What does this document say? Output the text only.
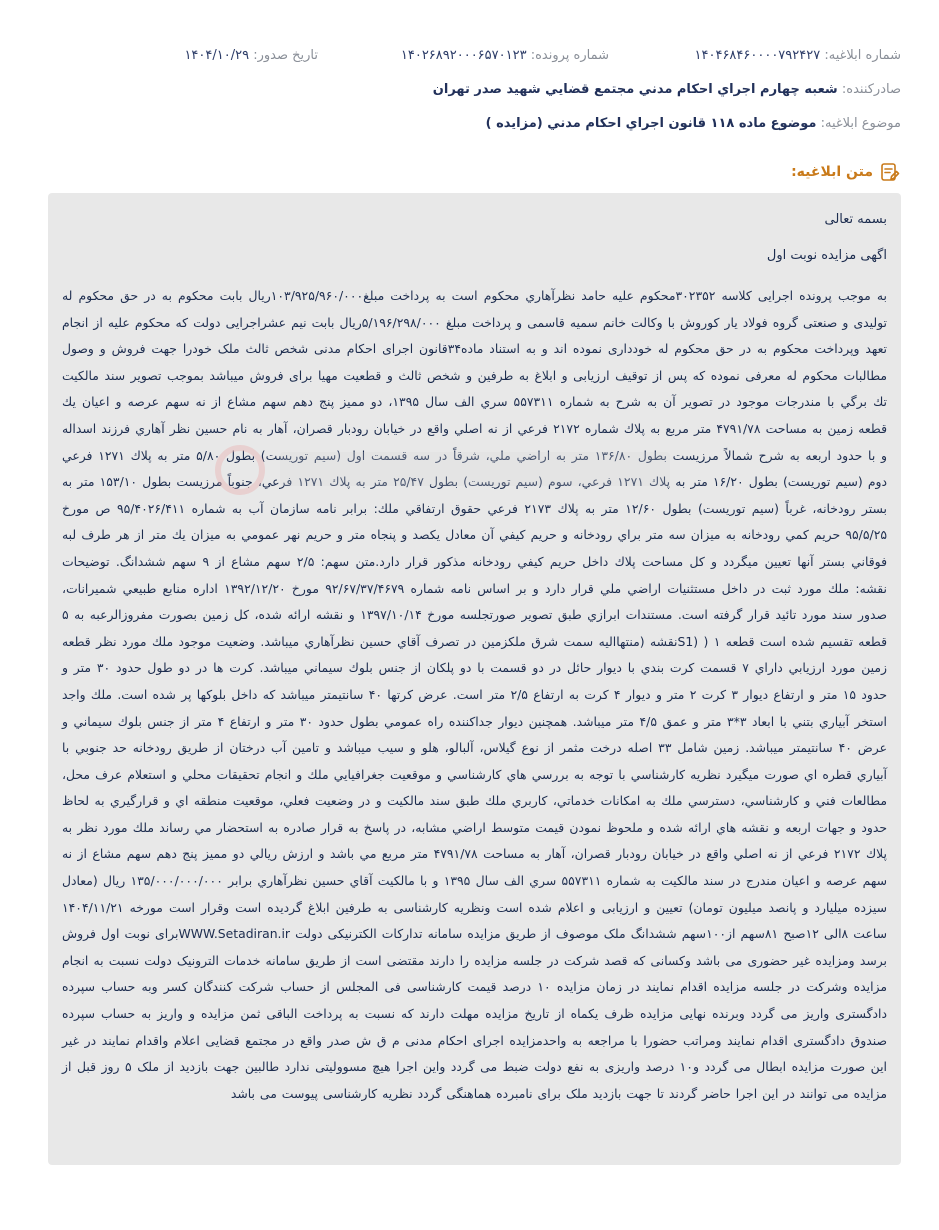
شماره ابلاغیه: ۱۴۰۴۶۸۴۶۰۰۰۰۷۹۲۴۲۷
شماره پرونده: ۱۴۰۲۶۸۹۲۰۰۰۶۵۷۰۱۲۳
تاریخ صدور: ۱۴۰۴/۱۰/۲۹
صادرکننده: شعبه چهارم اجراي احكام مدني مجتمع قضايي شهيد صدر تهران
موضوع ابلاغیه: موضوع ماده ۱۱۸ قانون اجراي احكام مدني (مزايده )
متن ابلاغیه:
بسمه تعالی
اگهی مزایده نوبت اول
به موجب پرونده اجرایی کلاسه ۳۰۲۳۵۲محکوم علیه حامد نظرآهاري محكوم است به پرداخت مبلغ۱۰۳/۹۲۵/۹۶۰/۰۰۰ریال بابت محکوم به در حق محکوم له تولیدی و صنعتی گروه فولاد یار کوروش با وکالت خانم سمیه قاسمی و پرداخت مبلغ ۵/۱۹۶/۲۹۸/۰۰۰ریال بابت نیم عشراجرایی دولت که محکوم علیه از انجام تعهد وپرداخت محکوم به در حق محکوم له خودداری نموده اند و به استناد ماده۳۴قانون اجرای احکام مدنی شخص ثالث ملک خودرا جهت فروش و وصول مطالبات محکوم له معرفی نموده که پس از توقیف ارزیابی و ابلاغ به طرفین و شخص ثالث و قطعیت مهیا برای فروش میباشد بموجب تصوير سند مالكيت تك برگي با مندرجات موجود در تصوير آن به شرح به شماره ۵۵۷۳۱۱ سري الف سال ۱۳۹۵، دو مميز پنج دهم سهم مشاع از نه سهم عرصه و اعيان يك قطعه زمين به مساحت ۴۷۹۱/۷۸ متر مربع به پلاك شماره ۲۱۷۲ فرعي از نه اصلي واقع در خيابان رودبار قصران، آهار به نام حسين نظر آهاري فرزند اسداله و با حدود اربعه به شرح شمالاً مرزيست بطول ۱۳۶/۸۰ متر به اراضي ملي، شرقاً در سه قسمت اول (سيم توريست) بطول ۵/۸۰ متر به پلاك ۱۲۷۱ فرعي دوم (سيم توريست) بطول ۱۶/۲۰ متر به پلاك ۱۲۷۱ فرعي، سوم (سيم توريست) بطول ۲۵/۴۷ متر به پلاك ۱۲۷۱ فرعي، جنوباً مرزيست بطول ۱۵۳/۱۰ متر به بستر رودخانه، غرباً (سيم توريست) بطول ۱۲/۶۰ متر به پلاك ۲۱۷۳ فرعي حقوق ارتفاقي ملك: برابر نامه سازمان آب به شماره ۹۵/۴۰۲۶/۴۱۱ ص مورخ ۹۵/۵/۲۵ حريم كمي رودخانه به ميزان سه متر براي رودخانه و حريم كيفي آن معادل يكصد و پنجاه متر و حريم نهر عمومي به ميزان يك متر از هر طرف لبه فوقاني بستر آنها تعيين ميگردد و كل مساحت پلاك داخل حريم كيفي رودخانه مذكور قرار دارد.متن سهم: ۲/۵ سهم مشاع از ۹ سهم ششدانگ. توضيحات نقشه: ملك مورد ثبت در داخل مستثنيات اراضي ملي قرار دارد و بر اساس نامه شماره ۹۲/۶۷/۳۷/۴۶۷۹ مورخ ۱۳۹۲/۱۲/۲۰ اداره منابع طبيعي شميرانات، صدور سند مورد تائيد قرار گرفته است. مستندات ابرازي طبق تصوير صورتجلسه مورخ ۱۳۹۷/۱۰/۱۴ و نقشه ارائه شده، كل زمين بصورت مفروزالرعبه به ۵ قطعه تقسيم شده است قطعه ۱ ( (S1نقشه (منتهااليه سمت شرق ملكزمين در تصرف آقاي حسين نظرآهاري ميباشد. وضعيت موجود ملك مورد نظر قطعه زمين مورد ارزيابي داراي ۷ قسمت كرت بندي با ديوار حائل در دو قسمت با دو پلكان از جنس بلوك سيماني ميباشد. كرت ها در دو طول حدود ۳۰ متر و حدود ۱۵ متر و ارتفاع ديوار ۳ كرت ۲ متر و ديوار ۴ كرت به ارتفاع ۲/۵ متر است. عرض كرتها ۴۰ سانتيمتر ميباشد كه داخل بلوكها پر شده است. ملك واجد استخر آبياري بتني با ابعاد ۳*۳ متر و عمق ۴/۵ متر ميباشد. همچنين ديوار جداكننده راه عمومي بطول حدود ۳۰ متر و ارتفاع ۴ متر از جنس بلوك سيماني و عرض ۴۰ سانتيمتر ميباشد. زمين شامل ۳۳ اصله درخت مثمر از نوع گيلاس، آلبالو، هلو و سيب ميباشد و تامين آب درختان از طريق رودخانه حد جنوبي با آبياري قطره اي صورت ميگيرد نظريه كارشناسي با توجه به بررسي هاي كارشناسي و موقعيت جغرافيايي ملك و انجام تحقيقات محلي و استعلام عرف محل، مطالعات فني و كارشناسي، دسترسي ملك به امكانات خدماتي، كاربري ملك طبق سند مالكيت و در وضعيت فعلي، موقعيت منطقه اي و قرارگيري به لحاظ حدود و جهات اربعه و نقشه هاي ارائه شده و ملحوظ نمودن قيمت متوسط اراضي مشابه، در پاسخ به قرار صادره به استحضار مي رساند ملك مورد نظر به پلاك ۲۱۷۲ فرعي از نه اصلي واقع در خيابان رودبار قصران، آهار به مساحت ۴۷۹۱/۷۸ متر مربع مي باشد و ارزش ريالي دو مميز پنج دهم سهم مشاع از نه سهم عرصه و اعيان مندرج در سند مالكيت به شماره ۵۵۷۳۱۱ سري الف سال ۱۳۹۵ و با مالكيت آقاي حسين نظرآهاري برابر ۱۳۵/۰۰۰/۰۰۰/۰۰۰ ريال (معادل سيزده ميليارد و پانصد ميليون تومان) تعيين و ارزیابی و اعلام شده است ونظریه کارشناسی به طرفین ابلاغ گردیده است وقرار است مورخه ۱۴۰۴/۱۱/۲۱ ساعت ۸الی ۱۲صبح ۸۱سهم از۱۰۰سهم ششدانگ ملک موصوف از طریق مزایده سامانه تدارکات الکترنیکی دولت WWW.Setadiran.irبرای نوبت اول فروش برسد ومزایده غیر حضوری می باشد وکسانی که قصد شرکت در جلسه مزایده را دارند مقتضی است از طریق سامانه خدمات الترونیک دولت نسبت به انجام مزایده وشرکت در جلسه مزایده اقدام نمایند در زمان مزایده ۱۰ درصد قیمت کارشناسی فی المجلس از حساب شرکت کنندگان کسر وبه حساب سپرده دادگستری واریز می گردد وبرنده نهایی مزایده ظرف یکماه از تاریخ مزایده مهلت دارند که نسبت به پرداخت الباقی ثمن مزایده و واریز به حساب سپرده صندوق دادگستری اقدام نمایند ومراتب حضورا با مراجعه به واحدمزایده اجرای احکام مدنی م ق ش صدر واقع در مجتمع قضایی اعلام واقدام نمایند در غیر این صورت مزایده ابطال می گردد و۱۰ درصد واریزی به نفع دولت ضبط می گردد واین اجرا هیچ مسوولیتی ندارد طالبین جهت بازدید از ملک ۵ روز قبل از مزایده می توانند در این اجرا حاضر گردند تا جهت بازدید ملک برای نامبرده هماهنگی گردد نظریه کارشناسی پیوست می باشد
